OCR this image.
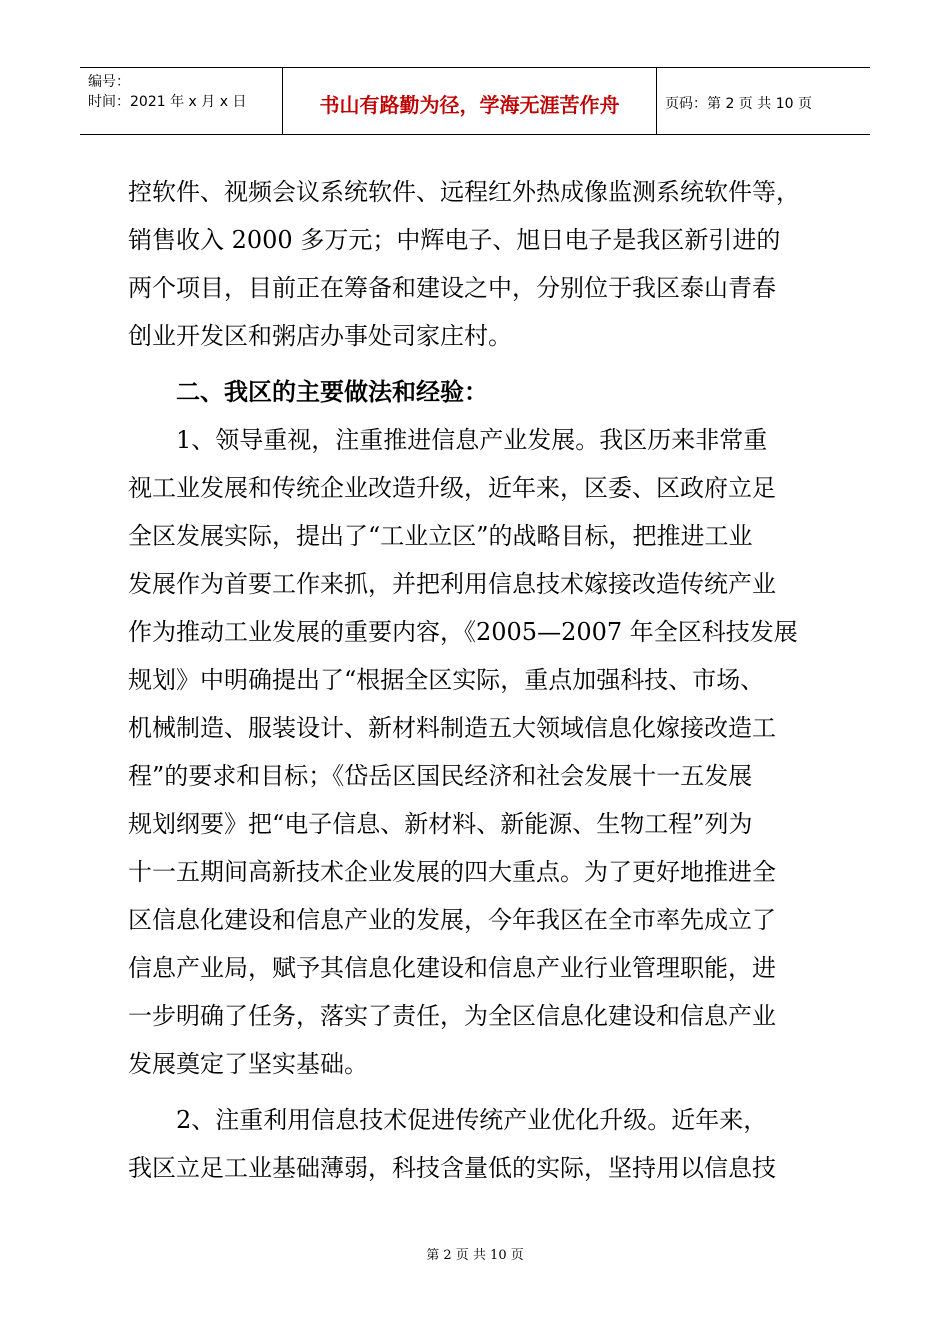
编号：
时间：2021 年 x 月 x 日	书山有路勤为径，学海无涯苦作舟	页码：第 2 页 共 10 页
控软件、视频会议系统软件、远程红外热成像监测系统软件等，
销售收入 2000 多万元；中辉电子、旭日电子是我区新引进的
两个项目，目前正在筹备和建设之中，分别位于我区泰山青春
创业开发区和粥店办事处司家庄村。
二、我区的主要做法和经验：
1、领导重视，注重推进信息产业发展。我区历来非常重
视工业发展和传统企业改造升级，近年来，区委、区政府立足
全区发展实际，提出了“工业立区”的战略目标，把推进工业
发展作为首要工作来抓，并把利用信息技术嫁接改造传统产业
作为推动工业发展的重要内容，《2005—2007 年全区科技发展
规划》中明确提出了“根据全区实际，重点加强科技、市场、
机械制造、服装设计、新材料制造五大领域信息化嫁接改造工
程”的要求和目标；《岱岳区国民经济和社会发展十一五发展
规划纲要》把“电子信息、新材料、新能源、生物工程”列为
十一五期间高新技术企业发展的四大重点。为了更好地推进全
区信息化建设和信息产业的发展，今年我区在全市率先成立了
信息产业局，赋予其信息化建设和信息产业行业管理职能，进
一步明确了任务，落实了责任，为全区信息化建设和信息产业
发展奠定了坚实基础。
2、注重利用信息技术促进传统产业优化升级。近年来，
我区立足工业基础薄弱，科技含量低的实际，坚持用以信息技
第 2 页 共 10 页
